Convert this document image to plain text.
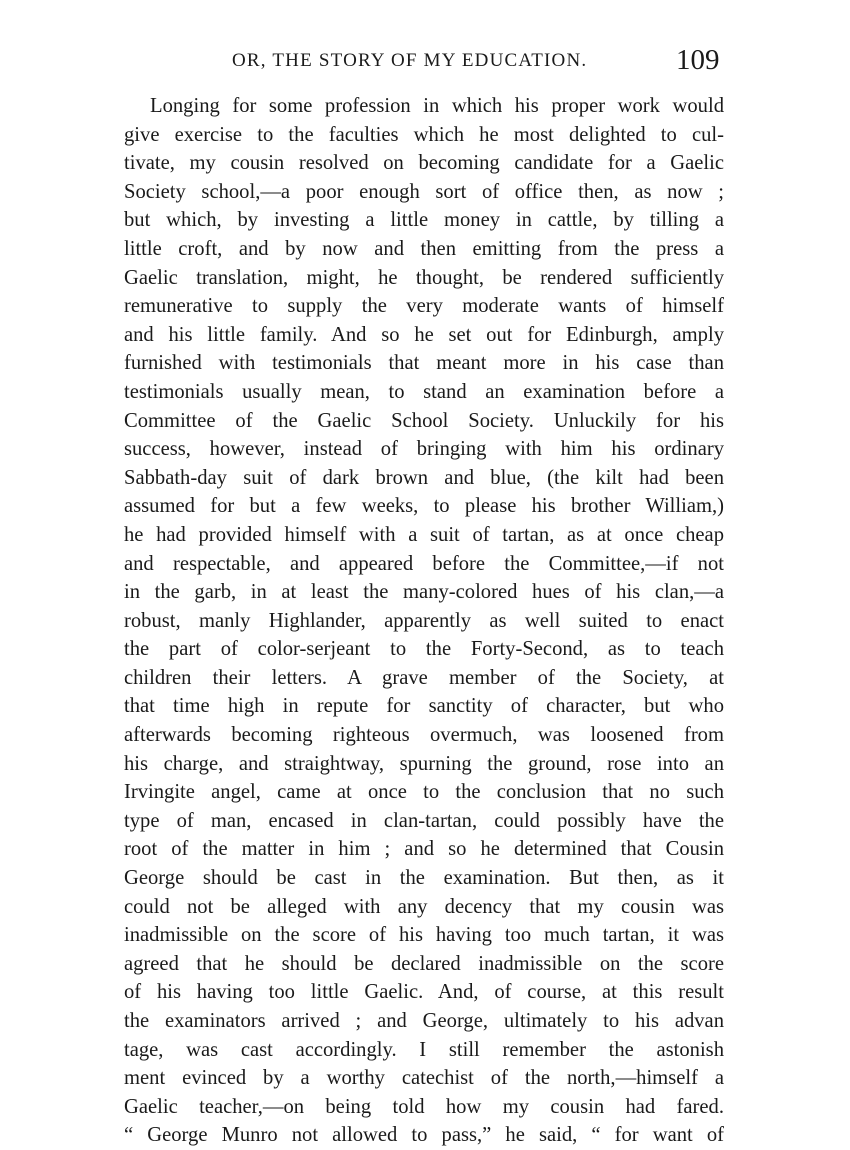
OR, THE STORY OF MY EDUCATION.	109
Longing for some profession in which his proper work would
give exercise to the faculties which he most delighted to cul-
tivate, my cousin resolved on becoming candidate for a Gaelic
Society school,—a poor enough sort of office then, as now ;
but which, by investing a little money in cattle, by tilling a
little croft, and by now and then emitting from the press a
Gaelic translation, might, he thought, be rendered sufficiently
remunerative to supply the very moderate wants of himself
and his little family. And so he set out for Edinburgh, amply
furnished with testimonials that meant more in his case than
testimonials usually mean, to stand an examination before a
Committee of the Gaelic School Society. Unluckily for his
success, however, instead of bringing with him his ordinary
Sabbath-day suit of dark brown and blue, (the kilt had been
assumed for but a few weeks, to please his brother William,)
he had provided himself with a suit of tartan, as at once cheap
and respectable, and appeared before the Committee,—if not
in the garb, in at least the many-colored hues of his clan,—a
robust, manly Highlander, apparently as well suited to enact
the part of color-serjeant to the Forty-Second, as to teach
children their letters. A grave member of the Society, at
that time high in repute for sanctity of character, but who
afterwards becoming righteous overmuch, was loosened from
his charge, and straightway, spurning the ground, rose into an
Irvingite angel, came at once to the conclusion that no such
type of man, encased in clan-tartan, could possibly have the
root of the matter in him ; and so he determined that Cousin
George should be cast in the examination. But then, as it
could not be alleged with any decency that my cousin was
inadmissible on the score of his having too much tartan, it was
agreed that he should be declared inadmissible on the score
of his having too little Gaelic. And, of course, at this result
the examinators arrived ; and George, ultimately to his advan
tage, was cast accordingly. I still remember the astonish
ment evinced by a worthy catechist of the north,—himself a
Gaelic teacher,—on being told how my cousin had fared.
“ George Munro not allowed to pass,” he said, “ for want of
